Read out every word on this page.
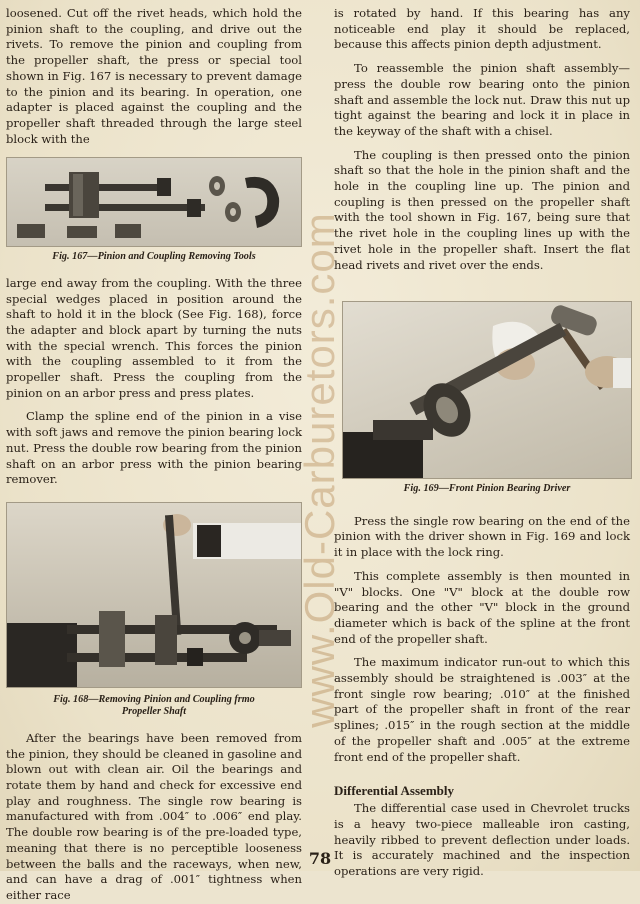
loosened. Cut off the rivet heads, which hold the pinion shaft to the coupling, and drive out the rivets. To remove the pinion and coupling from the propeller shaft, the press or special tool shown in Fig. 167 is necessary to prevent damage to the pinion and its bearing. In operation, one adapter is placed against the coupling and the propeller shaft threaded through the large steel block with the

Fig. 167—Pinion and Coupling Removing Tools

large end away from the coupling. With the three special wedges placed in position around the shaft to hold it in the block (See Fig. 168), force the adapter and block apart by turning the nuts with the special wrench. This forces the pinion with the coupling assembled to it from the propeller shaft. Press the coupling from the pinion on an arbor press and press plates.

Clamp the spline end of the pinion in a vise with soft jaws and remove the pinion bearing lock nut. Press the double row bearing from the pinion shaft on an arbor press with the pinion bearing remover.

Fig. 168—Removing Pinion and Coupling frmo Propeller Shaft

After the bearings have been removed from the pinion, they should be cleaned in gasoline and blown out with clean air. Oil the bearings and rotate them by hand and check for excessive end play and roughness. The single row bearing is manufactured with from .004″ to .006″ end play. The double row bearing is of the pre-loaded type, meaning that there is no perceptible looseness between the balls and the raceways, when new, and can have a drag of .001″ tightness when either race

is rotated by hand. If this bearing has any noticeable end play it should be replaced, because this affects pinion depth adjustment.

To reassemble the pinion shaft assembly—press the double row bearing onto the pinion shaft and assemble the lock nut. Draw this nut up tight against the bearing and lock it in place in the keyway of the shaft with a chisel.

The coupling is then pressed onto the pinion shaft so that the hole in the pinion shaft and the hole in the coupling line up. The pinion and coupling is then pressed on the propeller shaft with the tool shown in Fig. 167, being sure that the rivet hole in the coupling lines up with the rivet hole in the propeller shaft. Insert the flat head rivets and rivet over the ends.

Fig. 169—Front Pinion Bearing Driver

Press the single row bearing on the end of the pinion with the driver shown in Fig. 169 and lock it in place with the lock ring.

This complete assembly is then mounted in "V" blocks. One "V" block at the double row bearing and the other "V" block in the ground diameter which is back of the spline at the front end of the propeller shaft.

The maximum indicator run-out to which this assembly should be straightened is .003″ at the front single row bearing; .010″ at the finished part of the propeller shaft in front of the rear splines; .015″ in the rough section at the middle of the propeller shaft and .005″ at the extreme front end of the propeller shaft.

Differential Assembly

The differential case used in Chevrolet trucks is a heavy two-piece malleable iron casting, heavily ribbed to prevent deflection under loads. It is accurately machined and the inspection operations are very rigid.

www.Old-Carburetors.com
78
